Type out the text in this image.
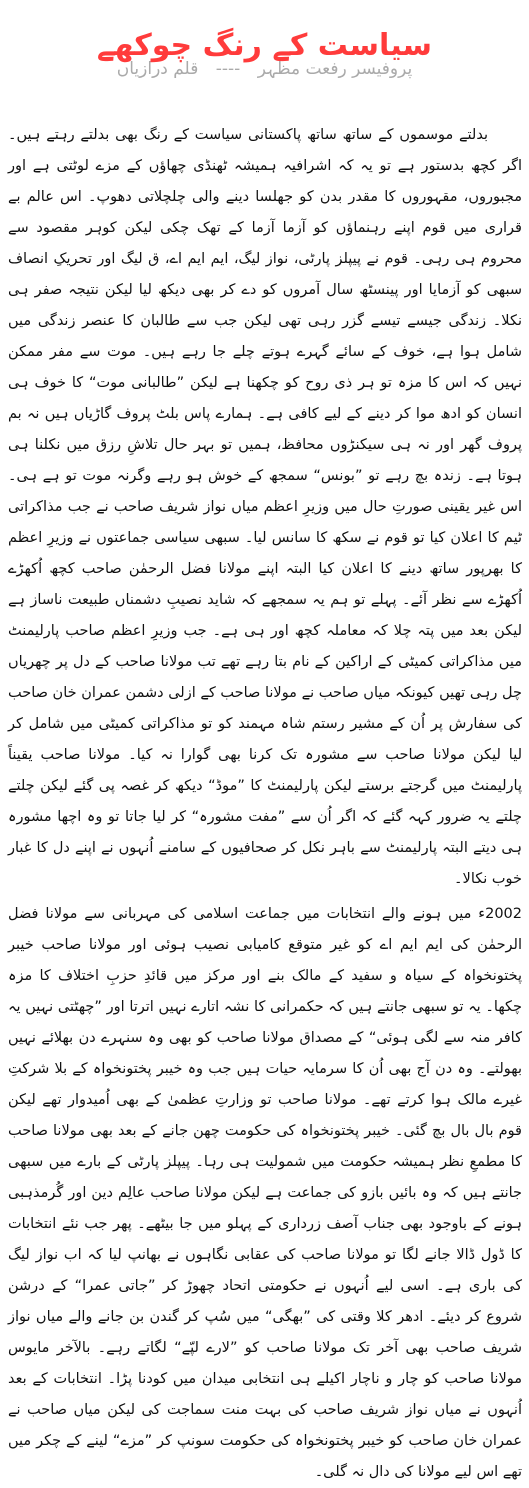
سیاست کے رنگ چوکھے
پروفیسر رفعت مظہر ---- قلم درازیاں

بدلتے موسموں کے ساتھ ساتھ پاکستانی سیاست کے رنگ بھی بدلتے رہتے ہیں۔ اگر کچھ بدستور ہے تو یہ کہ اشرافیہ ہمیشہ ٹھنڈی چھاؤں کے مزے لوٹتی ہے اور مجبوروں، مقہوروں کا مقدر بدن کو جھلسا دینے والی چلچلاتی دھوپ۔ اس عالم بے قراری میں قوم اپنے رہنماؤں کو آزما آزما کے تھک چکی لیکن کوہر مقصود سے محروم ہی رہی۔ قوم نے پیپلز پارٹی، نواز لیگ، ایم ایم اے، ق لیگ اور تحریکِ انصاف سبھی کو آزمایا اور پینسٹھ سال آمروں کو دے کر بھی دیکھ لیا لیکن نتیجہ صفر ہی نکلا۔ زندگی جیسے تیسے گزر رہی تھی لیکن جب سے طالبان کا عنصر زندگی میں شامل ہوا ہے، خوف کے سائے گہرے ہوتے چلے جا رہے ہیں۔ موت سے مفر ممکن نہیں کہ اس کا مزہ تو ہر ذی روح کو چکھنا ہے لیکن ”طالبانی موت“ کا خوف ہی انسان کو ادھ موا کر دینے کے لیے کافی ہے۔ ہمارے پاس بلٹ پروف گاڑیاں ہیں نہ بم پروف گھر اور نہ ہی سیکنڑوں محافظ، ہمیں تو بہر حال تلاشِ رزق میں نکلنا ہی ہوتا ہے۔ زندہ بچ رہے تو ”بونس“ سمجھ کے خوش ہو رہے وگرنہ موت تو ہے ہی۔ اس غیر یقینی صورتِ حال میں وزیرِ اعظم میاں نواز شریف صاحب نے جب مذاکراتی ٹیم کا اعلان کیا تو قوم نے سکھ کا سانس لیا۔ سبھی سیاسی جماعتوں نے وزیرِ اعظم کا بھرپور ساتھ دینے کا اعلان کیا البتہ اپنے مولانا فضل الرحمٰن صاحب کچھ اُکھڑے اُکھڑے سے نظر آئے۔ پہلے تو ہم یہ سمجھے کہ شاید نصیبِ دشمناں طبیعت ناساز ہے لیکن بعد میں پتہ چلا کہ معاملہ کچھ اور ہی ہے۔ جب وزیرِ اعظم صاحب پارلیمنٹ میں مذاکراتی کمیٹی کے اراکین کے نام بتا رہے تھے تب مولانا صاحب کے دل پر چھریاں چل رہی تھیں کیونکہ میاں صاحب نے مولانا صاحب کے ازلی دشمن عمران خان صاحب کی سفارش پر اُن کے مشیر رستم شاہ مہمند کو تو مذاکراتی کمیٹی میں شامل کر لیا لیکن مولانا صاحب سے مشورہ تک کرنا بھی گوارا نہ کیا۔ مولانا صاحب یقیناً پارلیمنٹ میں گرجتے برستے لیکن پارلیمنٹ کا ”موڈ“ دیکھ کر غصہ پی گئے لیکن چلتے چلتے یہ ضرور کہہ گئے کہ اگر اُن سے ”مفت مشورہ“ کر لیا جاتا تو وہ اچھا مشورہ ہی دیتے البتہ پارلیمنٹ سے باہر نکل کر صحافیوں کے سامنے اُنہوں نے اپنے دل کا غبار خوب نکالا۔

2002ء میں ہونے والے انتخابات میں جماعت اسلامی کی مہربانی سے مولانا فضل الرحمٰن کی ایم ایم اے کو غیر متوقع کامیابی نصیب ہوئی اور مولانا صاحب خیبر پختونخواہ کے سیاہ و سفید کے مالک بنے اور مرکز میں قائدِ حزبِ اختلاف کا مزہ چکھا۔ یہ تو سبھی جانتے ہیں کہ حکمرانی کا نشہ اتارے نہیں اترتا اور ”چھٹتی نہیں یہ کافر منہ سے لگی ہوئی“ کے مصداق مولانا صاحب کو بھی وہ سنہرے دن بھلائے نہیں بھولتے۔ وہ دن آج بھی اُن کا سرمایہ حیات ہیں جب وہ خیبر پختونخواہ کے بلا شرکتِ غیرے مالک ہوا کرتے تھے۔ مولانا صاحب تو وزارتِ عظمیٰ کے بھی اُمیدوار تھے لیکن قوم بال بال بچ گئی۔ خیبر پختونخواہ کی حکومت چھن جانے کے بعد بھی مولانا صاحب کا مطمعِ نظر ہمیشہ حکومت میں شمولیت ہی رہا۔ پیپلز پارٹی کے بارے میں سبھی جانتے ہیں کہ وہ بائیں بازو کی جماعت ہے لیکن مولانا صاحب عالِم دین اور گُرمذہبی ہونے کے باوجود بھی جناب آصف زرداری کے پہلو میں جا بیٹھے۔ پھر جب نئے انتخابات کا ڈول ڈالا جانے لگا تو مولانا صاحب کی عقابی نگاہوں نے بھانپ لیا کہ اب نواز لیگ کی باری ہے۔ اسی لیے اُنہوں نے حکومتی اتحاد چھوڑ کر ”جاتی عمرا“ کے درشن شروع کر دیئے۔ ادھر کلا وقتی کی ”بھگی“ میں سُپ کر گندن بن جانے والے میاں نواز شریف صاحب بھی آخر تک مولانا صاحب کو ”لارے لپّے“ لگاتے رہے۔ بالآخر مایوس مولانا صاحب کو چار و ناچار اکیلے ہی انتخابی میدان میں کودنا پڑا۔ انتخابات کے بعد اُنہوں نے میاں نواز شریف صاحب کی بہت منت سماجت کی لیکن میاں صاحب نے عمران خان صاحب کو خیبر پختونخواہ کی حکومت سونپ کر ”مزے“ لینے کے چکر میں تھے اس لیے مولانا کی دال نہ گلی۔
